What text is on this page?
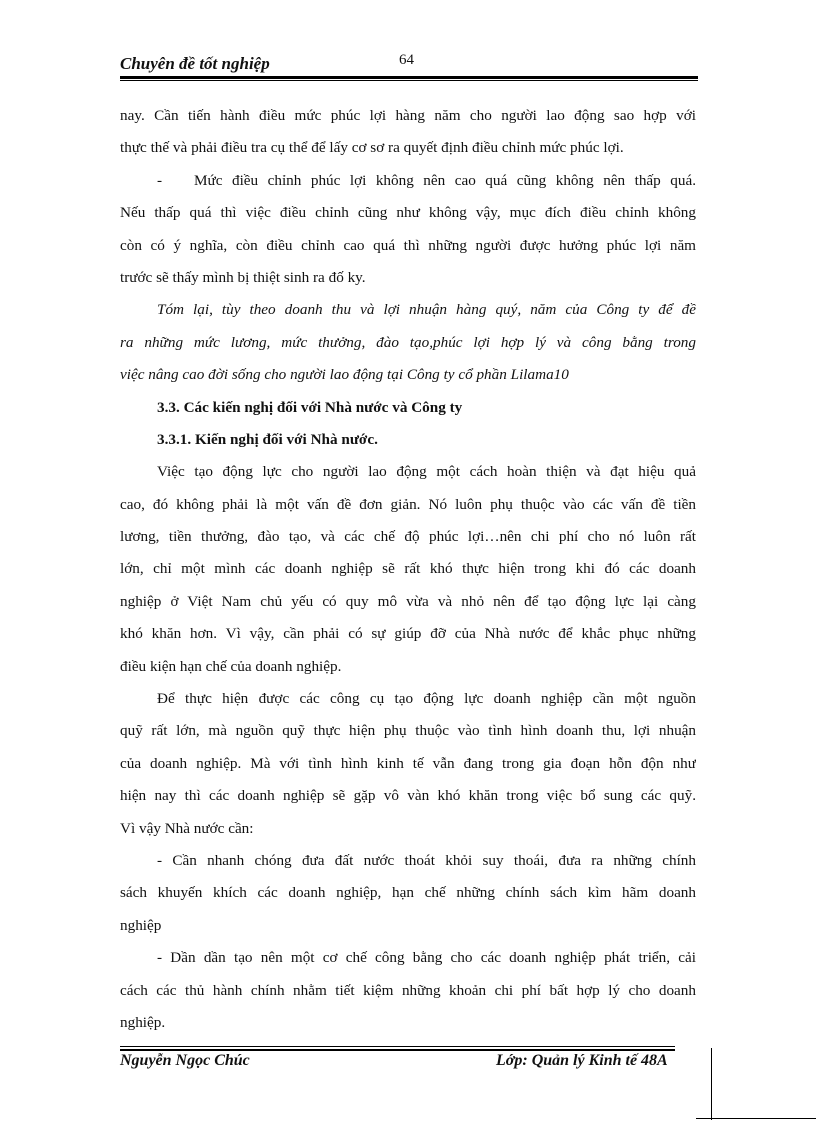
Chuyên đề tốt nghiệp	64
nay. Cần tiến hành điều mức phúc lợi hàng năm cho người lao động sao hợp với
thực thế và phải điều tra cụ thể để lấy cơ sơ ra quyết định điều chỉnh mức phúc lợi.
-	Mức điều chỉnh phúc lợi không nên cao quá cũng không nên thấp quá.
Nếu thấp quá thì việc điều chỉnh cũng như không vậy, mục đích điều chỉnh không
còn có ý nghĩa, còn điều chỉnh cao quá thì những người được hưởng phúc lợi năm
trước sẽ thấy mình bị thiệt sinh ra đố ky.
Tóm lại, tùy theo doanh thu và lợi nhuận hàng quý, năm của Công ty để đề
ra những mức lương, mức thưởng, đào tạo,phúc lợi hợp lý và công bằng trong
việc nâng cao đời sống cho người lao động tại Công ty cổ phần Lilama10
3.3. Các kiến nghị đối với Nhà nước và Công ty
3.3.1. Kiến nghị đối với Nhà nước.
Việc tạo động lực cho người lao động một cách hoàn thiện và đạt hiệu quả
cao, đó không phải là một vấn đề đơn giản. Nó luôn phụ thuộc vào các vấn đề tiền
lương, tiền thưởng, đào tạo, và các chế độ phúc lợi…nên chi phí cho nó luôn rất
lớn, chỉ một mình các doanh nghiệp sẽ rất khó thực hiện trong khi đó các doanh
nghiệp ở Việt Nam chủ yếu có quy mô vừa và nhỏ nên để tạo động lực lại càng
khó khăn hơn. Vì vậy, cần phải có sự giúp đỡ của Nhà nước để khắc phục những
điều kiện hạn chế của doanh nghiệp.
Để thực hiện được các công cụ tạo động lực doanh nghiệp cần một nguồn
quỹ rất lớn, mà nguồn quỹ thực hiện phụ thuộc vào tình hình doanh thu, lợi nhuận
của doanh nghiệp. Mà với tình hình kinh tế vẫn đang trong gia đoạn hỗn độn như
hiện nay thì các doanh nghiệp sẽ gặp vô vàn khó khăn trong việc bổ sung các quỹ.
Vì vậy Nhà nước cần:
- Cần nhanh chóng đưa đất nước thoát khỏi suy thoái, đưa ra những chính
sách khuyến khích các doanh nghiệp, hạn chế những chính sách kìm hãm doanh
nghiệp
- Dần dần tạo nên một cơ chế công bằng cho các doanh nghiệp phát triển, cải
cách các thủ hành chính nhằm tiết kiệm những khoản chi phí bất hợp lý cho doanh
nghiệp.
Nguyễn Ngọc Chúc	Lớp: Quản lý Kinh tế 48A
